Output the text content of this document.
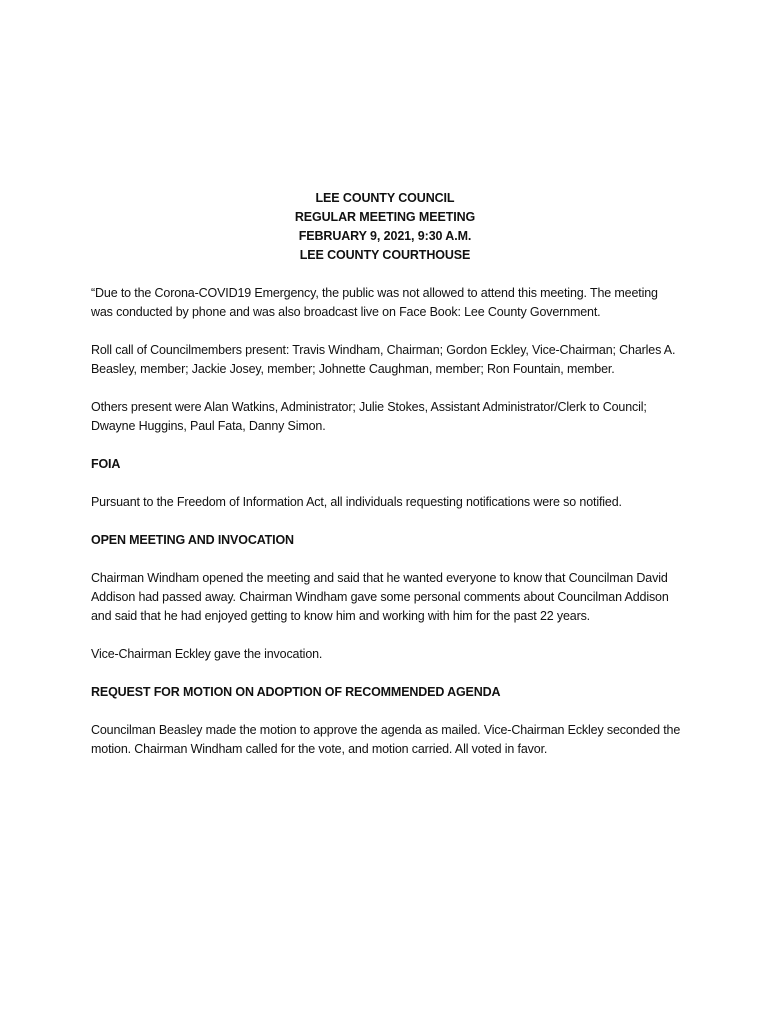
LEE COUNTY COUNCIL
REGULAR MEETING MEETING
FEBRUARY 9, 2021, 9:30 A.M.
LEE COUNTY COURTHOUSE

“Due to the Corona-COVID19 Emergency, the public was not allowed to attend this meeting. The meeting was conducted by phone and was also broadcast live on Face Book: Lee County Government.

Roll call of Councilmembers present: Travis Windham, Chairman; Gordon Eckley, Vice-Chairman; Charles A. Beasley, member; Jackie Josey, member; Johnette Caughman, member; Ron Fountain, member.

Others present were Alan Watkins, Administrator; Julie Stokes, Assistant Administrator/Clerk to Council; Dwayne Huggins, Paul Fata, Danny Simon.

FOIA

Pursuant to the Freedom of Information Act, all individuals requesting notifications were so notified.

OPEN MEETING AND INVOCATION

Chairman Windham opened the meeting and said that he wanted everyone to know that Councilman David Addison had passed away. Chairman Windham gave some personal comments about Councilman Addison and said that he had enjoyed getting to know him and working with him for the past 22 years.

Vice-Chairman Eckley gave the invocation.

REQUEST FOR MOTION ON ADOPTION OF RECOMMENDED AGENDA

Councilman Beasley made the motion to approve the agenda as mailed. Vice-Chairman Eckley seconded the motion. Chairman Windham called for the vote, and motion carried. All voted in favor.
